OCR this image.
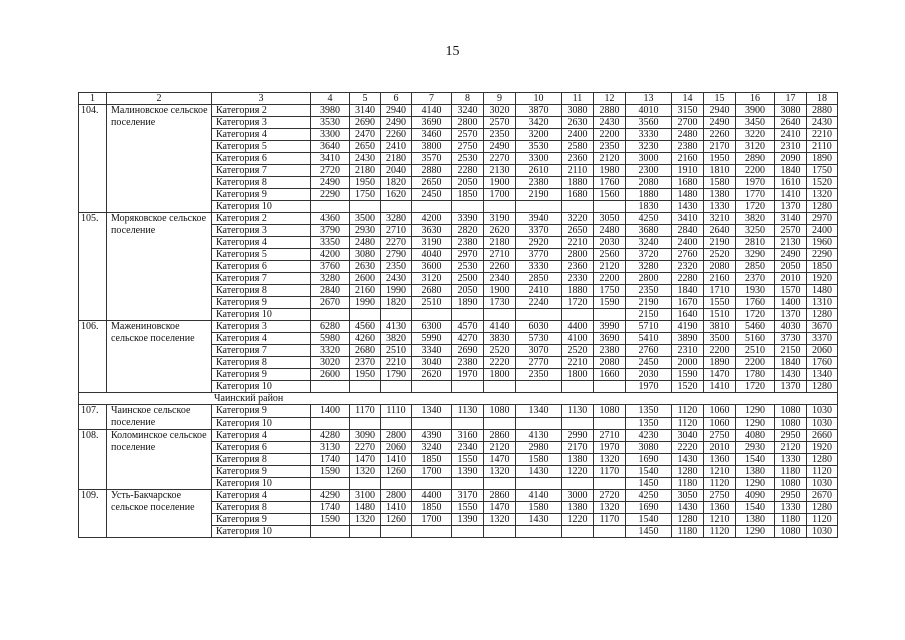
15
1	2	3	4	5	6	7	8	9	10	11	12	13	14	15	16	17	18
104.	Малиновское сельское поселение	Категория 2	3980	3140	2940	4140	3240	3020	3870	3080	2880	4010	3150	2940	3900	3080	2880
		Категория 3	3530	2690	2490	3690	2800	2570	3420	2630	2430	3560	2700	2490	3450	2640	2430
		Категория 4	3300	2470	2260	3460	2570	2350	3200	2400	2200	3330	2480	2260	3220	2410	2210
		Категория 5	3640	2650	2410	3800	2750	2490	3530	2580	2350	3230	2380	2170	3120	2310	2110
		Категория 6	3410	2430	2180	3570	2530	2270	3300	2360	2120	3000	2160	1950	2890	2090	1890
		Категория 7	2720	2180	2040	2880	2280	2130	2610	2110	1980	2300	1910	1810	2200	1840	1750
		Категория 8	2490	1950	1820	2650	2050	1900	2380	1880	1760	2080	1680	1580	1970	1610	1520
		Категория 9	2290	1750	1620	2450	1850	1700	2190	1680	1560	1880	1480	1380	1770	1410	1320
		Категория 10										1830	1430	1330	1720	1370	1280
105.	Моряковское сельское поселение	Категория 2	4360	3500	3280	4200	3390	3190	3940	3220	3050	4250	3410	3210	3820	3140	2970
		Категория 3	3790	2930	2710	3630	2820	2620	3370	2650	2480	3680	2840	2640	3250	2570	2400
		Категория 4	3350	2480	2270	3190	2380	2180	2920	2210	2030	3240	2400	2190	2810	2130	1960
		Категория 5	4200	3080	2790	4040	2970	2710	3770	2800	2560	3720	2760	2520	3290	2490	2290
		Категория 6	3760	2630	2350	3600	2530	2260	3330	2360	2120	3280	2320	2080	2850	2050	1850
		Категория 7	3280	2600	2430	3120	2500	2340	2850	2330	2200	2800	2280	2160	2370	2010	1920
		Категория 8	2840	2160	1990	2680	2050	1900	2410	1880	1750	2350	1840	1710	1930	1570	1480
		Категория 9	2670	1990	1820	2510	1890	1730	2240	1720	1590	2190	1670	1550	1760	1400	1310
		Категория 10										2150	1640	1510	1720	1370	1280
106.	Мажениновское сельское поселение	Категория 3	6280	4560	4130	6300	4570	4140	6030	4400	3990	5710	4190	3810	5460	4030	3670
		Категория 4	5980	4260	3820	5990	4270	3830	5730	4100	3690	5410	3890	3500	5160	3730	3370
		Категория 7	3320	2680	2510	3340	2690	2520	3070	2520	2380	2760	2310	2200	2510	2150	2060
		Категория 8	3020	2370	2210	3040	2380	2220	2770	2210	2080	2450	2000	1890	2200	1840	1760
		Категория 9	2600	1950	1790	2620	1970	1800	2350	1800	1660	2030	1590	1470	1780	1430	1340
		Категория 10										1970	1520	1410	1720	1370	1280
Чаинский район																	
107.	Чаинское сельское поселение	Категория 9	1400	1170	1110	1340	1130	1080	1340	1130	1080	1350	1120	1060	1290	1080	1030
		Категория 10										1350	1120	1060	1290	1080	1030
108.	Коломинское сельское поселение	Категория 4	4280	3090	2800	4390	3160	2860	4130	2990	2710	4230	3040	2750	4080	2950	2660
		Категория 6	3130	2270	2060	3240	2340	2120	2980	2170	1970	3080	2220	2010	2930	2120	1920
		Категория 8	1740	1470	1410	1850	1550	1470	1580	1380	1320	1690	1430	1360	1540	1330	1280
		Категория 9	1590	1320	1260	1700	1390	1320	1430	1220	1170	1540	1280	1210	1380	1180	1120
		Категория 10										1450	1180	1120	1290	1080	1030
109.	Усть-Бакчарское сельское поселение	Категория 4	4290	3100	2800	4400	3170	2860	4140	3000	2720	4250	3050	2750	4090	2950	2670
		Категория 8	1740	1480	1410	1850	1550	1470	1580	1380	1320	1690	1430	1360	1540	1330	1280
		Категория 9	1590	1320	1260	1700	1390	1320	1430	1220	1170	1540	1280	1210	1380	1180	1120
		Категория 10										1450	1180	1120	1290	1080	1030
